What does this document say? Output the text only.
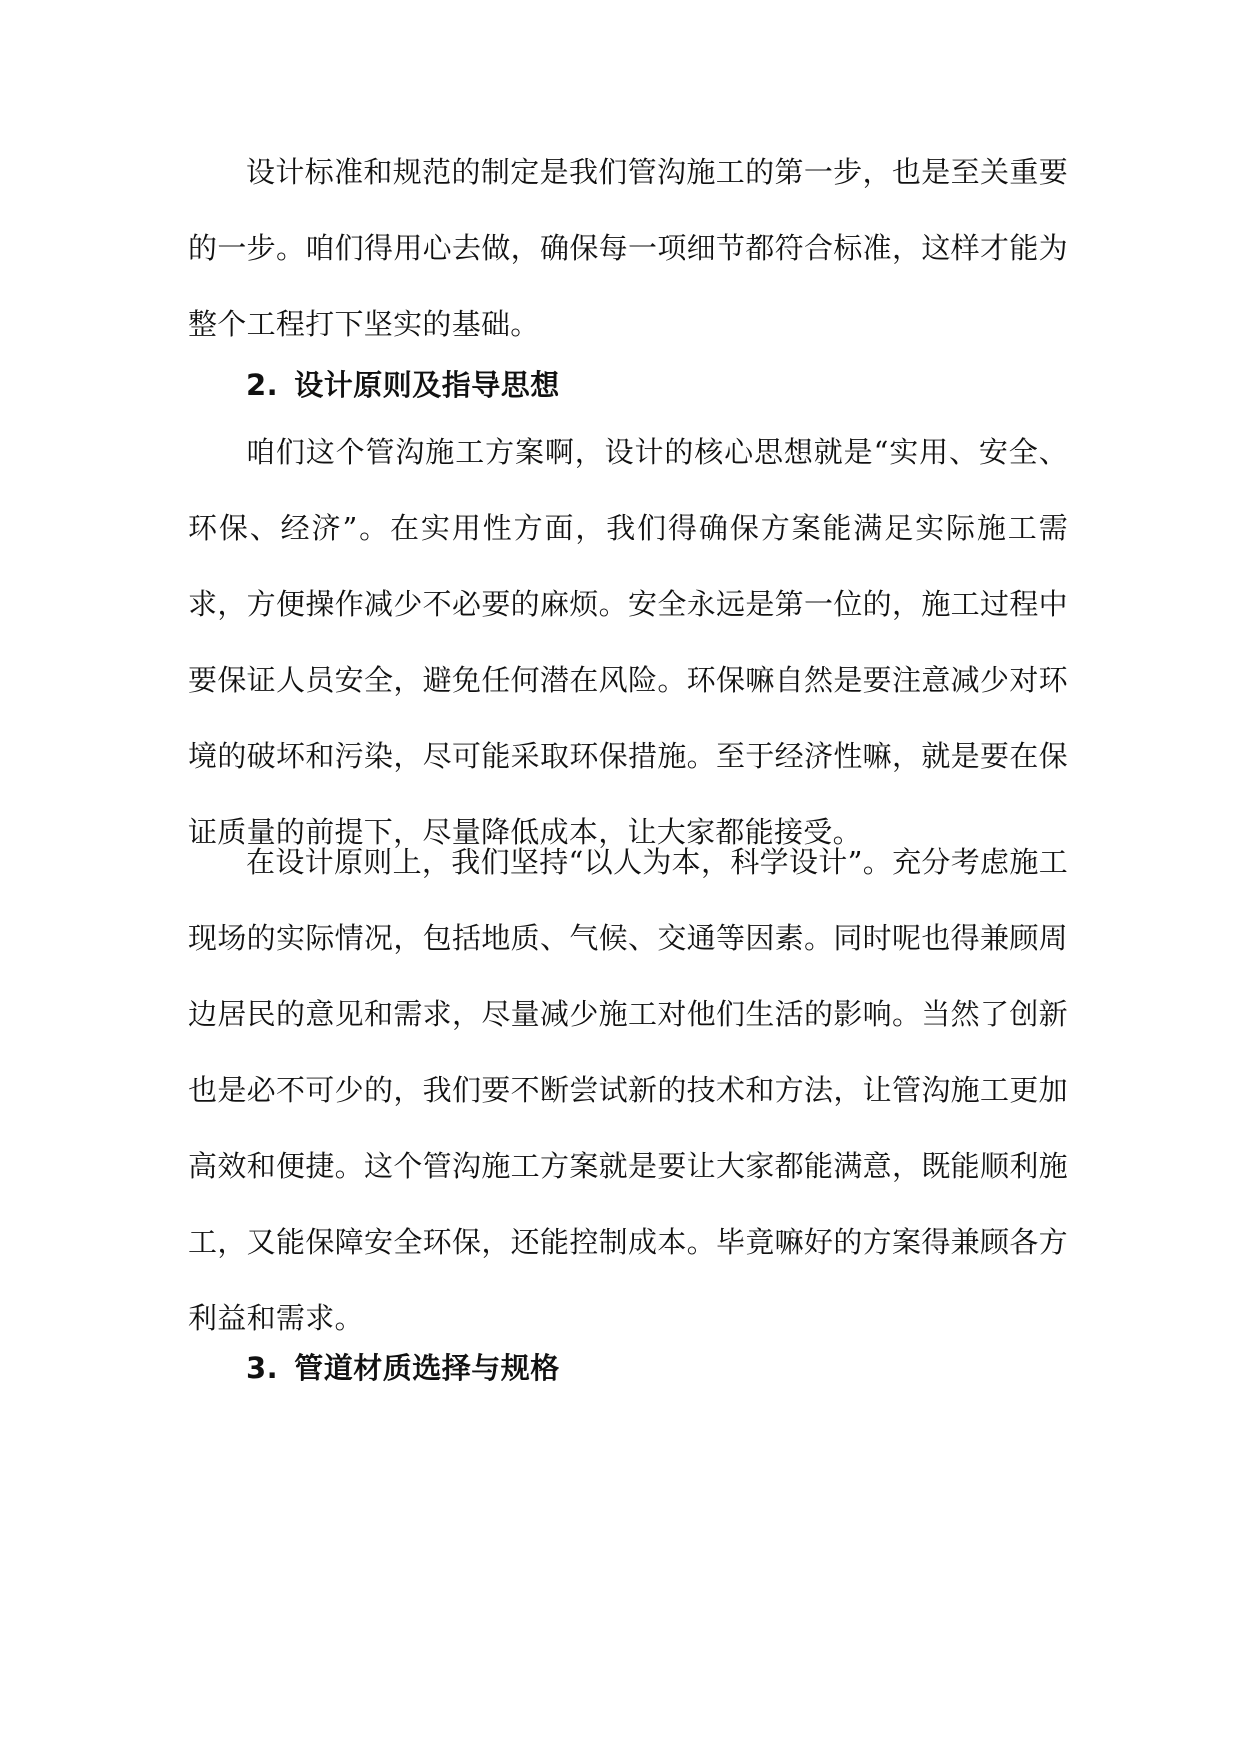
设计标准和规范的制定是我们管沟施工的第一步，也是至关重要的一步。咱们得用心去做，确保每一项细节都符合标准，这样才能为整个工程打下坚实的基础。

2. 设计原则及指导思想

咱们这个管沟施工方案啊，设计的核心思想就是“实用、安全、环保、经济”。在实用性方面，我们得确保方案能满足实际施工需求，方便操作减少不必要的麻烦。安全永远是第一位的，施工过程中要保证人员安全，避免任何潜在风险。环保嘛自然是要注意减少对环境的破坏和污染，尽可能采取环保措施。至于经济性嘛，就是要在保证质量的前提下，尽量降低成本，让大家都能接受。

在设计原则上，我们坚持“以人为本，科学设计”。充分考虑施工现场的实际情况，包括地质、气候、交通等因素。同时呢也得兼顾周边居民的意见和需求，尽量减少施工对他们生活的影响。当然了创新也是必不可少的，我们要不断尝试新的技术和方法，让管沟施工更加高效和便捷。这个管沟施工方案就是要让大家都能满意，既能顺利施工，又能保障安全环保，还能控制成本。毕竟嘛好的方案得兼顾各方利益和需求。

3. 管道材质选择与规格
